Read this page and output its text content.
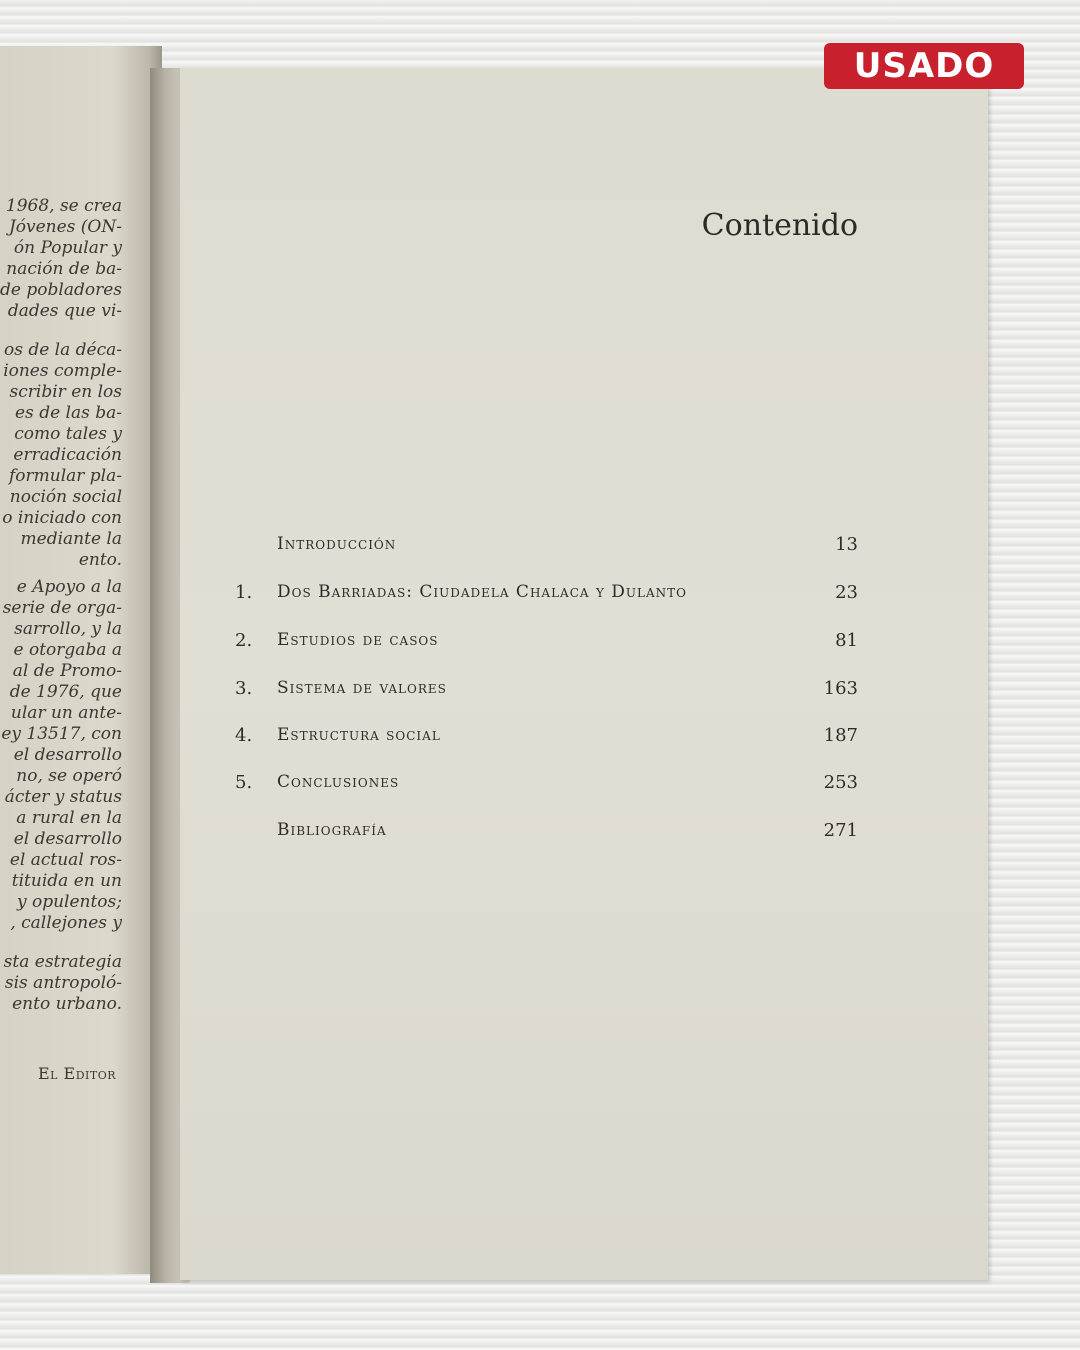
1968, se crea
Jóvenes (ON-
ón Popular y
nación de ba-
de pobladores
dades que vi-
os de la déca-
iones comple-
scribir en los
es de las ba-
como tales y
erradicación
formular pla-
noción social
o iniciado con
mediante la
ento.
e Apoyo a la
serie de orga-
sarrollo, y la
e otorgaba a
al de Promo-
de 1976, que
ular un ante-
ey 13517, con
el desarrollo
no, se operó
ácter y status
a rural en la
el desarrollo
el actual ros-
tituida en un
y opulentos;
, callejones y
sta estrategia
sis antropoló-
ento urbano.
El Editor
Contenido
Introducción	13
1.	Dos Barriadas: Ciudadela Chalaca y Dulanto	23
2.	Estudios de casos	81
3.	Sistema de valores	163
4.	Estructura social	187
5.	Conclusiones	253
Bibliografía	271
USADO
